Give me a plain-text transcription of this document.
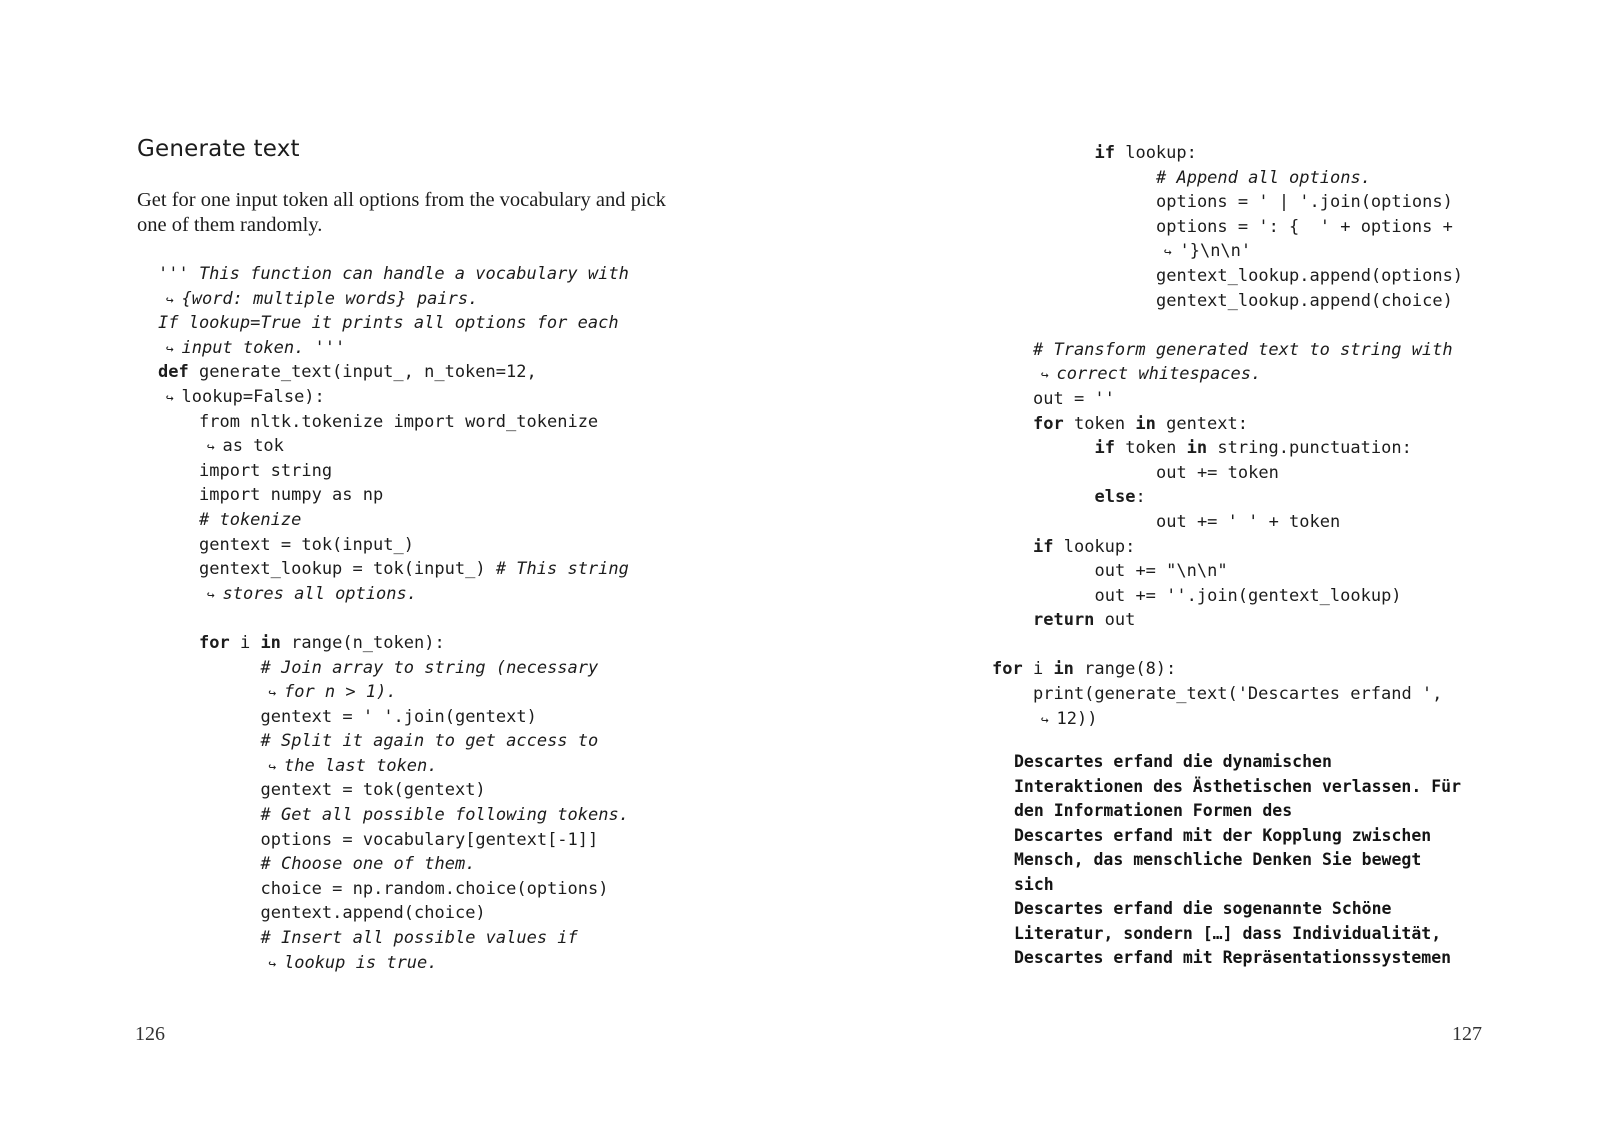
Generate text

Get for one input token all options from the vocabulary and pick one of them randomly.

''' This function can handle a vocabulary with
↪ {word: multiple words} pairs.
If lookup=True it prints all options for each
↪ input token. '''
def generate_text(input_, n_token=12,
↪ lookup=False):
from nltk.tokenize import word_tokenize
↪ as tok
import string
import numpy as np
# tokenize
gentext = tok(input_)
gentext_lookup = tok(input_) # This string
↪ stores all options.
for i in range(n_token):
# Join array to string (necessary
↪ for n > 1).
gentext = ' '.join(gentext)
# Split it again to get access to
↪ the last token.
gentext = tok(gentext)
# Get all possible following tokens.
options = vocabulary[gentext[-1]]
# Choose one of them.
choice = np.random.choice(options)
gentext.append(choice)
# Insert all possible values if
↪ lookup is true.
126
if lookup:
# Append all options.
options = ' | '.join(options)
options = ': {  ' + options +
↪ '}\n\n'
gentext_lookup.append(options)
gentext_lookup.append(choice)
# Transform generated text to string with
↪ correct whitespaces.
out = ''
for token in gentext:
if token in string.punctuation:
out += token
else:
out += ' ' + token
if lookup:
out += "\n\n"
out += ''.join(gentext_lookup)
return out
for i in range(8):
print(generate_text('Descartes erfand ',
↪ 12))
Descartes erfand die dynamischen
Interaktionen des Ästhetischen verlassen. Für
den Informationen Formen des
Descartes erfand mit der Kopplung zwischen
Mensch, das menschliche Denken Sie bewegt
sich
Descartes erfand die sogenannte Schöne
Literatur, sondern […] dass Individualität,
Descartes erfand mit Repräsentationssystemen
127
